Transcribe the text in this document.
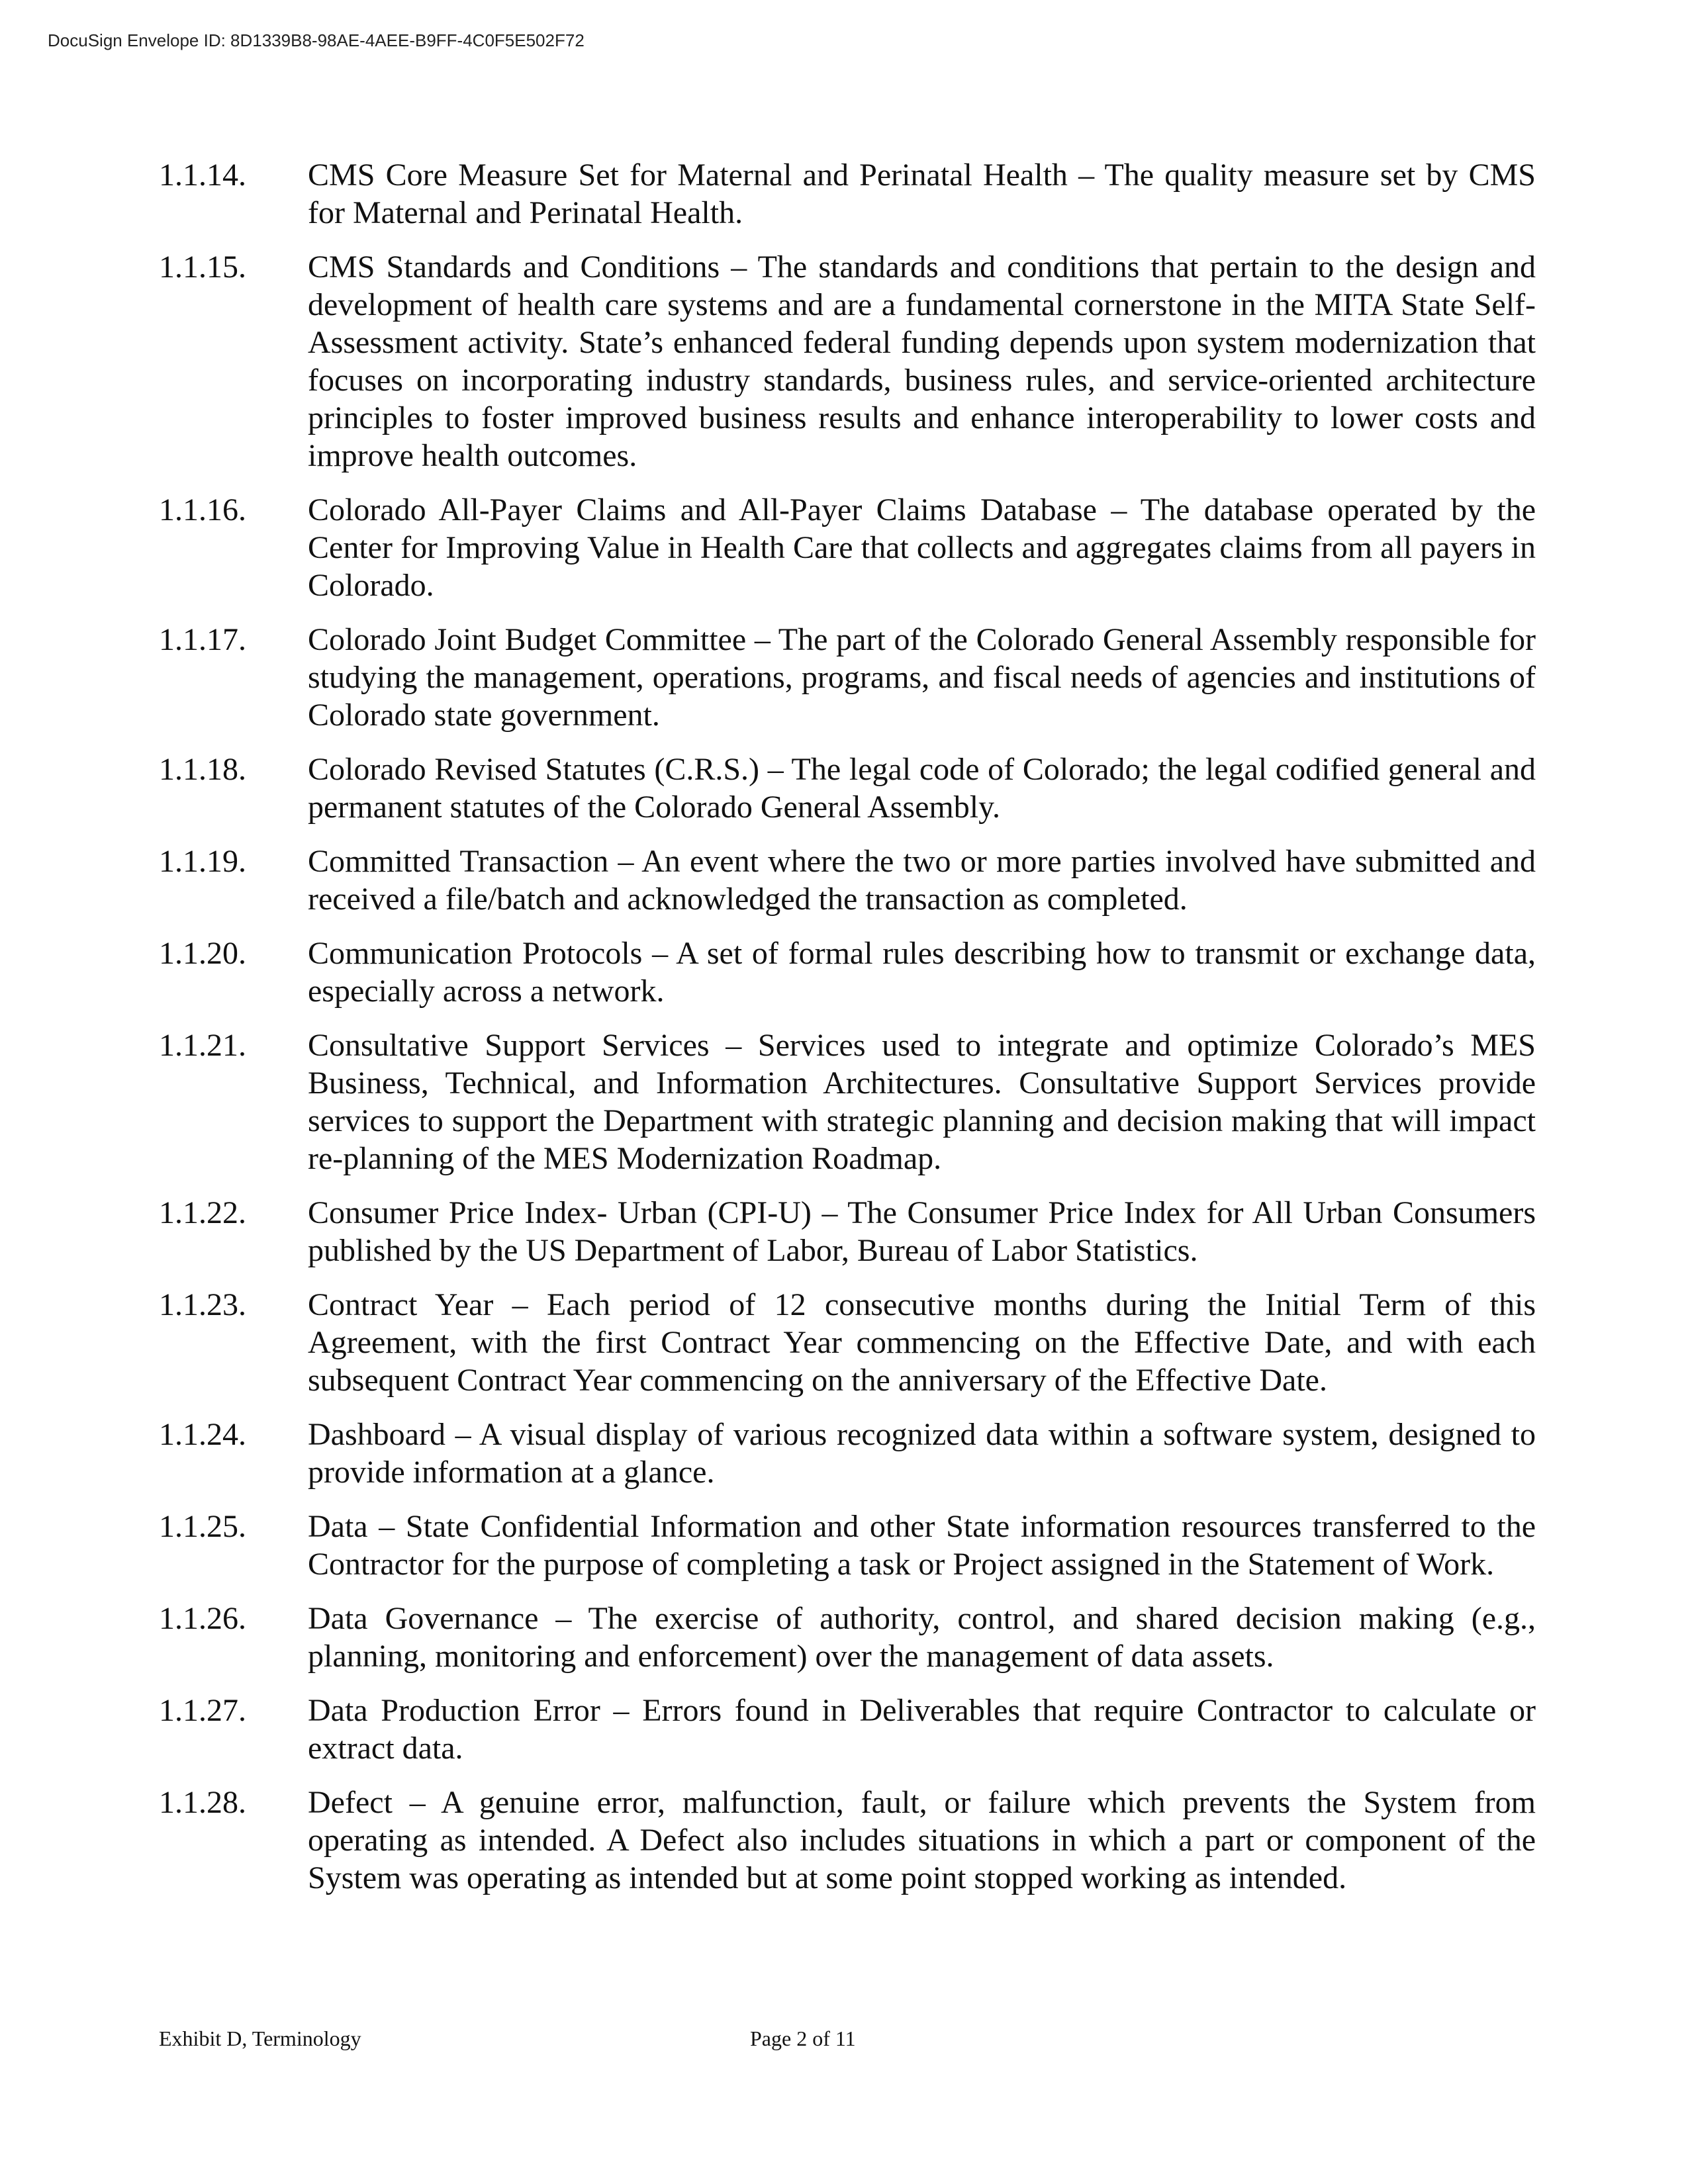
DocuSign Envelope ID: 8D1339B8-98AE-4AEE-B9FF-4C0F5E502F72
1.1.14.	CMS Core Measure Set for Maternal and Perinatal Health – The quality measure set by CMS for Maternal and Perinatal Health.
1.1.15.	CMS Standards and Conditions – The standards and conditions that pertain to the design and development of health care systems and are a fundamental cornerstone in the MITA State Self-Assessment activity. State’s enhanced federal funding depends upon system modernization that focuses on incorporating industry standards, business rules, and service-oriented architecture principles to foster improved business results and enhance interoperability to lower costs and improve health outcomes.
1.1.16.	Colorado All-Payer Claims and All-Payer Claims Database – The database operated by the Center for Improving Value in Health Care that collects and aggregates claims from all payers in Colorado.
1.1.17.	Colorado Joint Budget Committee – The part of the Colorado General Assembly responsible for studying the management, operations, programs, and fiscal needs of agencies and institutions of Colorado state government.
1.1.18.	Colorado Revised Statutes (C.R.S.) – The legal code of Colorado; the legal codified general and permanent statutes of the Colorado General Assembly.
1.1.19.	Committed Transaction – An event where the two or more parties involved have submitted and received a file/batch and acknowledged the transaction as completed.
1.1.20.	Communication Protocols – A set of formal rules describing how to transmit or exchange data, especially across a network.
1.1.21.	Consultative Support Services – Services used to integrate and optimize Colorado’s MES Business, Technical, and Information Architectures. Consultative Support Services provide services to support the Department with strategic planning and decision making that will impact re-planning of the MES Modernization Roadmap.
1.1.22.	Consumer Price Index- Urban (CPI-U) – The Consumer Price Index for All Urban Consumers published by the US Department of Labor, Bureau of Labor Statistics.
1.1.23.	Contract Year – Each period of 12 consecutive months during the Initial Term of this Agreement, with the first Contract Year commencing on the Effective Date, and with each subsequent Contract Year commencing on the anniversary of the Effective Date.
1.1.24.	Dashboard – A visual display of various recognized data within a software system, designed to provide information at a glance.
1.1.25.	Data – State Confidential Information and other State information resources transferred to the Contractor for the purpose of completing a task or Project assigned in the Statement of Work.
1.1.26.	Data Governance – The exercise of authority, control, and shared decision making (e.g., planning, monitoring and enforcement) over the management of data assets.
1.1.27.	Data Production Error – Errors found in Deliverables that require Contractor to calculate or extract data.
1.1.28.	Defect – A genuine error, malfunction, fault, or failure which prevents the System from operating as intended. A Defect also includes situations in which a part or component of the System was operating as intended but at some point stopped working as intended.
Exhibit D, Terminology	Page 2 of 11
